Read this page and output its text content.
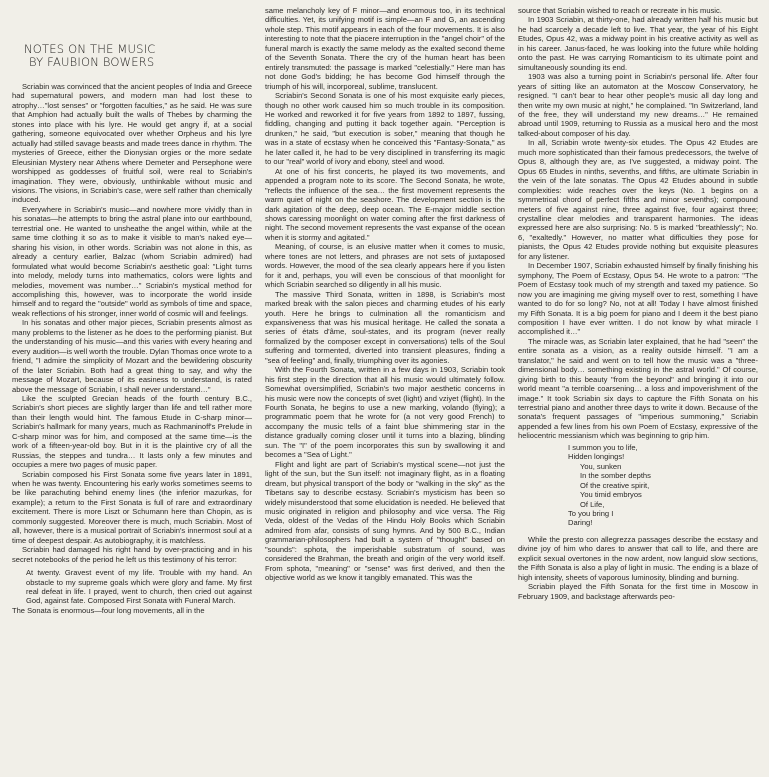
NOTES ON THE MUSIC
BY FAUBION BOWERS

Scriabin was convinced that the ancient peoples of India and Greece had supernatural powers, and modern man had lost these to atrophy…"lost senses" or "forgotten faculties," as he said. He was sure that Amphion had actually built the walls of Thebes by charming the stones into place with his lyre. He would get angry if, at a social gathering, someone equivocated over whether Orpheus and his lyre actually had stilled savage beasts and made trees dance in rhythm. The mysteries of Greece, either the Dionysian orgies or the more sedate Eleusinian Mystery near Athens where Demeter and Persephone were worshipped as goddesses of fruitful soil, were real to Scriabin's imagination. They were, obviously, unthinkable without music and visions. The visions, in Scriabin's case, were self rather than chemically induced.

Everywhere in Scriabin's music—and nowhere more vividly than in his sonatas—he attempts to bring the astral plane into our earthbound, terrestrial one. He wanted to unsheathe the angel within, while at the same time clothing it so as to make it visible to man's naked eye—sharing his vision, in other words. Scriabin was not alone in this, as already a century earlier, Balzac (whom Scriabin admired) had formulated what would become Scriabin's aesthetic goal: "Light turns into melody, melody turns into mathematics, colors were lights and melodies, movement was number…" Scriabin's mystical method for accomplishing this, however, was to incorporate the world inside himself and to regard the "outside" world as symbols of time and space, weak reflections of his stronger, inner world of cosmic will and feelings.

In his sonatas and other major pieces, Scriabin presents almost as many problems to the listener as he does to the performing pianist. But the understanding of his music—and this varies with every hearing and every audition—is well worth the trouble. Dylan Thomas once wrote to a friend, "I admire the simplicity of Mozart and the bewildering obscurity of the later Scriabin. Both had a great thing to say, and why the message of Mozart, because of its easiness to understand, is rated above the message of Scriabin, I shall never understand…"

Like the sculpted Grecian heads of the fourth century B.C., Scriabin's short pieces are slightly larger than life and tell rather more than their length would hint. The famous Etude in C-sharp minor—Scriabin's hallmark for many years, much as Rachmaninoff's Prelude in C-sharp minor was for him, and composed at the same time—is the work of a fifteen-year-old boy. But in it is the plaintive cry of all the Russias, the steppes and tundra… It lasts only a few minutes and occupies a mere two pages of music paper.

Scriabin composed his First Sonata some five years later in 1891, when he was twenty. Encountering his early works sometimes seems to be like parachuting behind enemy lines (the inferior mazurkas, for example); a return to the First Sonata is full of rare and extraordinary excitement. There is more Liszt or Schumann here than Chopin, as is commonly suggested. Moreover there is much, much Scriabin. Most of all, however, there is a musical portrait of Scriabin's innermost soul at a time of deepest despair. As autobiography, it is matchless.

Scriabin had damaged his right hand by over-practicing and in his secret notebooks of the period he left us this testimony of his terror:

At twenty. Gravest event of my life. Trouble with my hand. An obstacle to my supreme goals which were glory and fame. My first real defeat in life. I prayed, went to church, then cried out against God, against fate. Composed First Sonata with Funeral March.

The Sonata is enormous—four long movements, all in the

same melancholy key of F minor—and enormous too, in its technical difficulties. Yet, its unifying motif is simple—an F and G, an ascending whole step. This motif appears in each of the four movements. It is also interesting to note that the piacere interruption in the "angel choir" of the funeral march is exactly the same melody as the exalted second theme of the Seventh Sonata. There the cry of the human heart has been entirely transmuted: the passage is marked "celestially." Here man has not done God's bidding; he has become God himself through the triumph of his will, incorporeal, sublime, translucent.

Scriabin's Second Sonata is one of his most exquisite early pieces, though no other work caused him so much trouble in its composition. He worked and reworked it for five years from 1892 to 1897, fussing, fiddling, changing and putting it back together again. "Perception is drunken," he said, "but execution is sober," meaning that though he was in a state of ecstasy when he conceived this "Fantasy-Sonata," as he later called it, he had to be very disciplined in transferring its magic to our "real" world of ivory and ebony, steel and wood.

At one of his first concerts, he played its two movements, and appended a program note to its score. The Second Sonata, he wrote, "reflects the influence of the sea… the first movement represents the warm quiet of night on the seashore. The development section is the dark agitation of the deep, deep ocean. The E-major middle section shows caressing moonlight on water coming after the first darkness of night. The second movement represents the vast expanse of the ocean when it is stormy and agitated."

Meaning, of course, is an elusive matter when it comes to music, where tones are not letters, and phrases are not sets of juxtaposed words. However, the mood of the sea clearly appears here if you listen for it and, perhaps, you will even be conscious of that moonlight for which Scriabin searched so diligently in all his music.

The massive Third Sonata, written in 1898, is Scriabin's most marked break with the salon pieces and charming etudes of his early youth. Here he brings to culmination all the romanticism and expansiveness that was his musical heritage. He called the sonata a series of états d'âme, soul-states, and its program (never really formalized by the composer except in conversations) tells of the Soul suffering and tormented, diverted into transient pleasures, finding a "sea of feeling" and, finally, triumphing over its agonies.

With the Fourth Sonata, written in a few days in 1903, Scriabin took his first step in the direction that all his music would ultimately follow. Somewhat oversimplified, Scriabin's two major aesthetic concerns in his music were now the concepts of svet (light) and vziyet (flight). In the Fourth Sonata, he begins to use a new marking, volando (flying); a programmatic poem that he wrote for (a not very good French) to accompany the music tells of a faint blue shimmering star in the distance gradually coming closer until it turns into a blazing, blinding sun. The "I" of the poem incorporates this sun by swallowing it and becomes a "Sea of Light."

Flight and light are part of Scriabin's mystical scene—not just the light of the sun, but the Sun itself: not imaginary flight, as in a floating dream, but physical transport of the body or "walking in the sky" as the Tibetans say to describe ecstasy. Scriabin's mysticism has been so widely misunderstood that some elucidation is needed. He believed that music originated in religion and philosophy and vice versa. The Rig Veda, oldest of the Vedas of the Hindu Holy Books which Scriabin admired from afar, consists of sung hymns. And by 500 B.C., Indian grammarian-philosophers had built a system of "thought" based on "sounds": sphota, the imperishable substratum of sound, was considered the Brahman, the breath and origin of the very world itself. From sphota, "meaning" or "sense" was first derived, and then the objective world as we know it tangibly emanated. This was the

source that Scriabin wished to reach or recreate in his music.

In 1903 Scriabin, at thirty-one, had already written half his music but he had scarcely a decade left to live. That year, the year of his Eight Etudes, Opus 42, was a midway point in his creative activity as well as in his career. Janus-faced, he was looking into the future while holding onto the past. He was carrying Romanticism to its ultimate point and simultaneously sounding its end.

1903 was also a turning point in Scriabin's personal life. After four years of sitting like an automaton at the Moscow Conservatory, he resigned. "I can't bear to hear other people's music all day long and then write my own music at night," he complained. "In Switzerland, land of the free, they will understand my new dreams…" He remained abroad until 1909, returning to Russia as a musical hero and the most talked-about composer of his day.

In all, Scriabin wrote twenty-six etudes. The Opus 42 Etudes are much more sophisticated than their famous predecessors, the twelve of Opus 8, although they are, as I've suggested, a midway point. The Opus 65 Etudes in ninths, sevenths, and fifths, are ultimate Scriabin in the vein of the late sonatas. The Opus 42 Etudes abound in subtle complexities: wide reaches over the keys (No. 1 begins on a symmetrical chord of perfect fifths and minor sevenths); compound meters of five against nine, three against five, four against three; crystalline clear melodies and transparent harmonies. The ideas expressed here are also surprising: No. 5 is marked "breathlessly"; No. 6, "exaltedly." However, no matter what difficulties they pose for pianists, the Opus 42 Etudes provide nothing but exquisite pleasures for any listener.

In December 1907, Scriabin exhausted himself by finally finishing his symphony, The Poem of Ecstasy, Opus 54. He wrote to a patron: "The Poem of Ecstasy took much of my strength and taxed my patience. So now you are imagining me giving myself over to rest, something I have wanted to do for so long? No, not at all! Today I have almost finished my Fifth Sonata. It is a big poem for piano and I deem it the best piano composition I have ever written. I do not know by what miracle I accomplished it…"

The miracle was, as Scriabin later explained, that he had "seen" the entire sonata as a vision, as a reality outside himself. "I am a translator," he said and went on to tell how the music was a "three-dimensional body… something existing in the astral world." Of course, giving birth to this beauty "from the beyond" and bringing it into our world meant "a terrible coarsening… a loss and impoverishment of the image." It took Scriabin six days to capture the Fifth Sonata on his terrestrial piano and another three days to write it down. Because of the sonata's frequent passages of "imperious summoning," Scriabin appended a few lines from his own Poem of Ecstasy, expressive of the heliocentric messianism which was beginning to grip him.

I summon you to life,
Hidden longings!
You, sunken
In the somber depths
Of the creative spirit,
You timid embryos
Of Life,
To you bring I
Daring!

While the presto con allegrezza passages describe the ecstasy and divine joy of him who dares to answer that call to life, and there are explicit sexual overtones in the now ardent, now languid slow sections, the Fifth Sonata is also a play of light in music. The ending is a blaze of high intensity, sheets of vaporous luminosity, blinding and burning.

Scriabin played the Fifth Sonata for the first time in Moscow in February 1909, and backstage afterwards peo-
